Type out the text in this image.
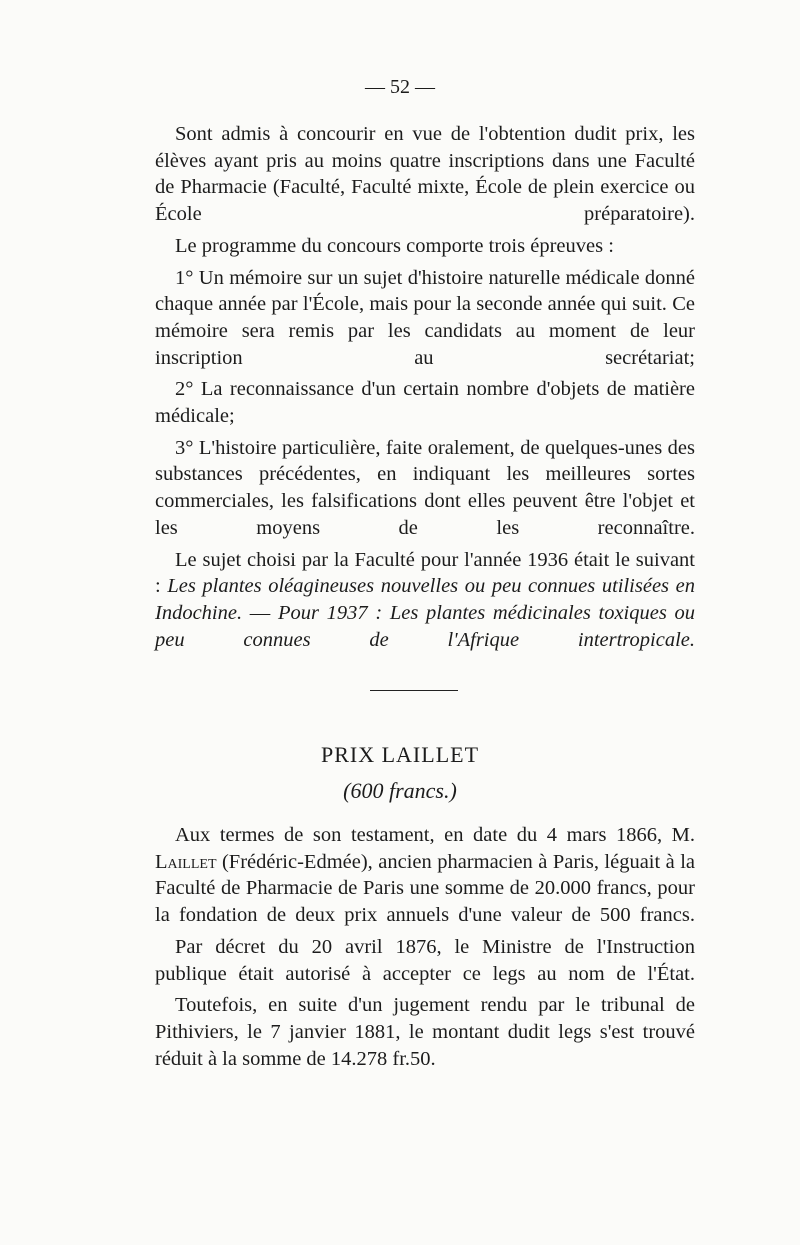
— 52 —

Sont admis à concourir en vue de l'obtention dudit prix, les élèves ayant pris au moins quatre inscriptions dans une Faculté de Pharmacie (Faculté, Faculté mixte, École de plein exercice ou École préparatoire).

Le programme du concours comporte trois épreuves :

1° Un mémoire sur un sujet d'histoire naturelle médicale donné chaque année par l'École, mais pour la seconde année qui suit. Ce mémoire sera remis par les candidats au moment de leur inscription au secrétariat;

2° La reconnaissance d'un certain nombre d'objets de matière médicale;

3° L'histoire particulière, faite oralement, de quelques-unes des substances précédentes, en indiquant les meilleures sortes commerciales, les falsifications dont elles peuvent être l'objet et les moyens de les reconnaître.

Le sujet choisi par la Faculté pour l'année 1936 était le suivant : Les plantes oléagineuses nouvelles ou peu connues utilisées en Indochine. — Pour 1937 : Les plantes médicinales toxiques ou peu connues de l'Afrique intertropicale.

PRIX LAILLET
(600 francs.)

Aux termes de son testament, en date du 4 mars 1866, M. Laillet (Frédéric-Edmée), ancien pharmacien à Paris, léguait à la Faculté de Pharmacie de Paris une somme de 20.000 francs, pour la fondation de deux prix annuels d'une valeur de 500 francs.

Par décret du 20 avril 1876, le Ministre de l'Instruction publique était autorisé à accepter ce legs au nom de l'État.

Toutefois, en suite d'un jugement rendu par le tribunal de Pithiviers, le 7 janvier 1881, le montant dudit legs s'est trouvé réduit à la somme de 14.278 fr.50.
